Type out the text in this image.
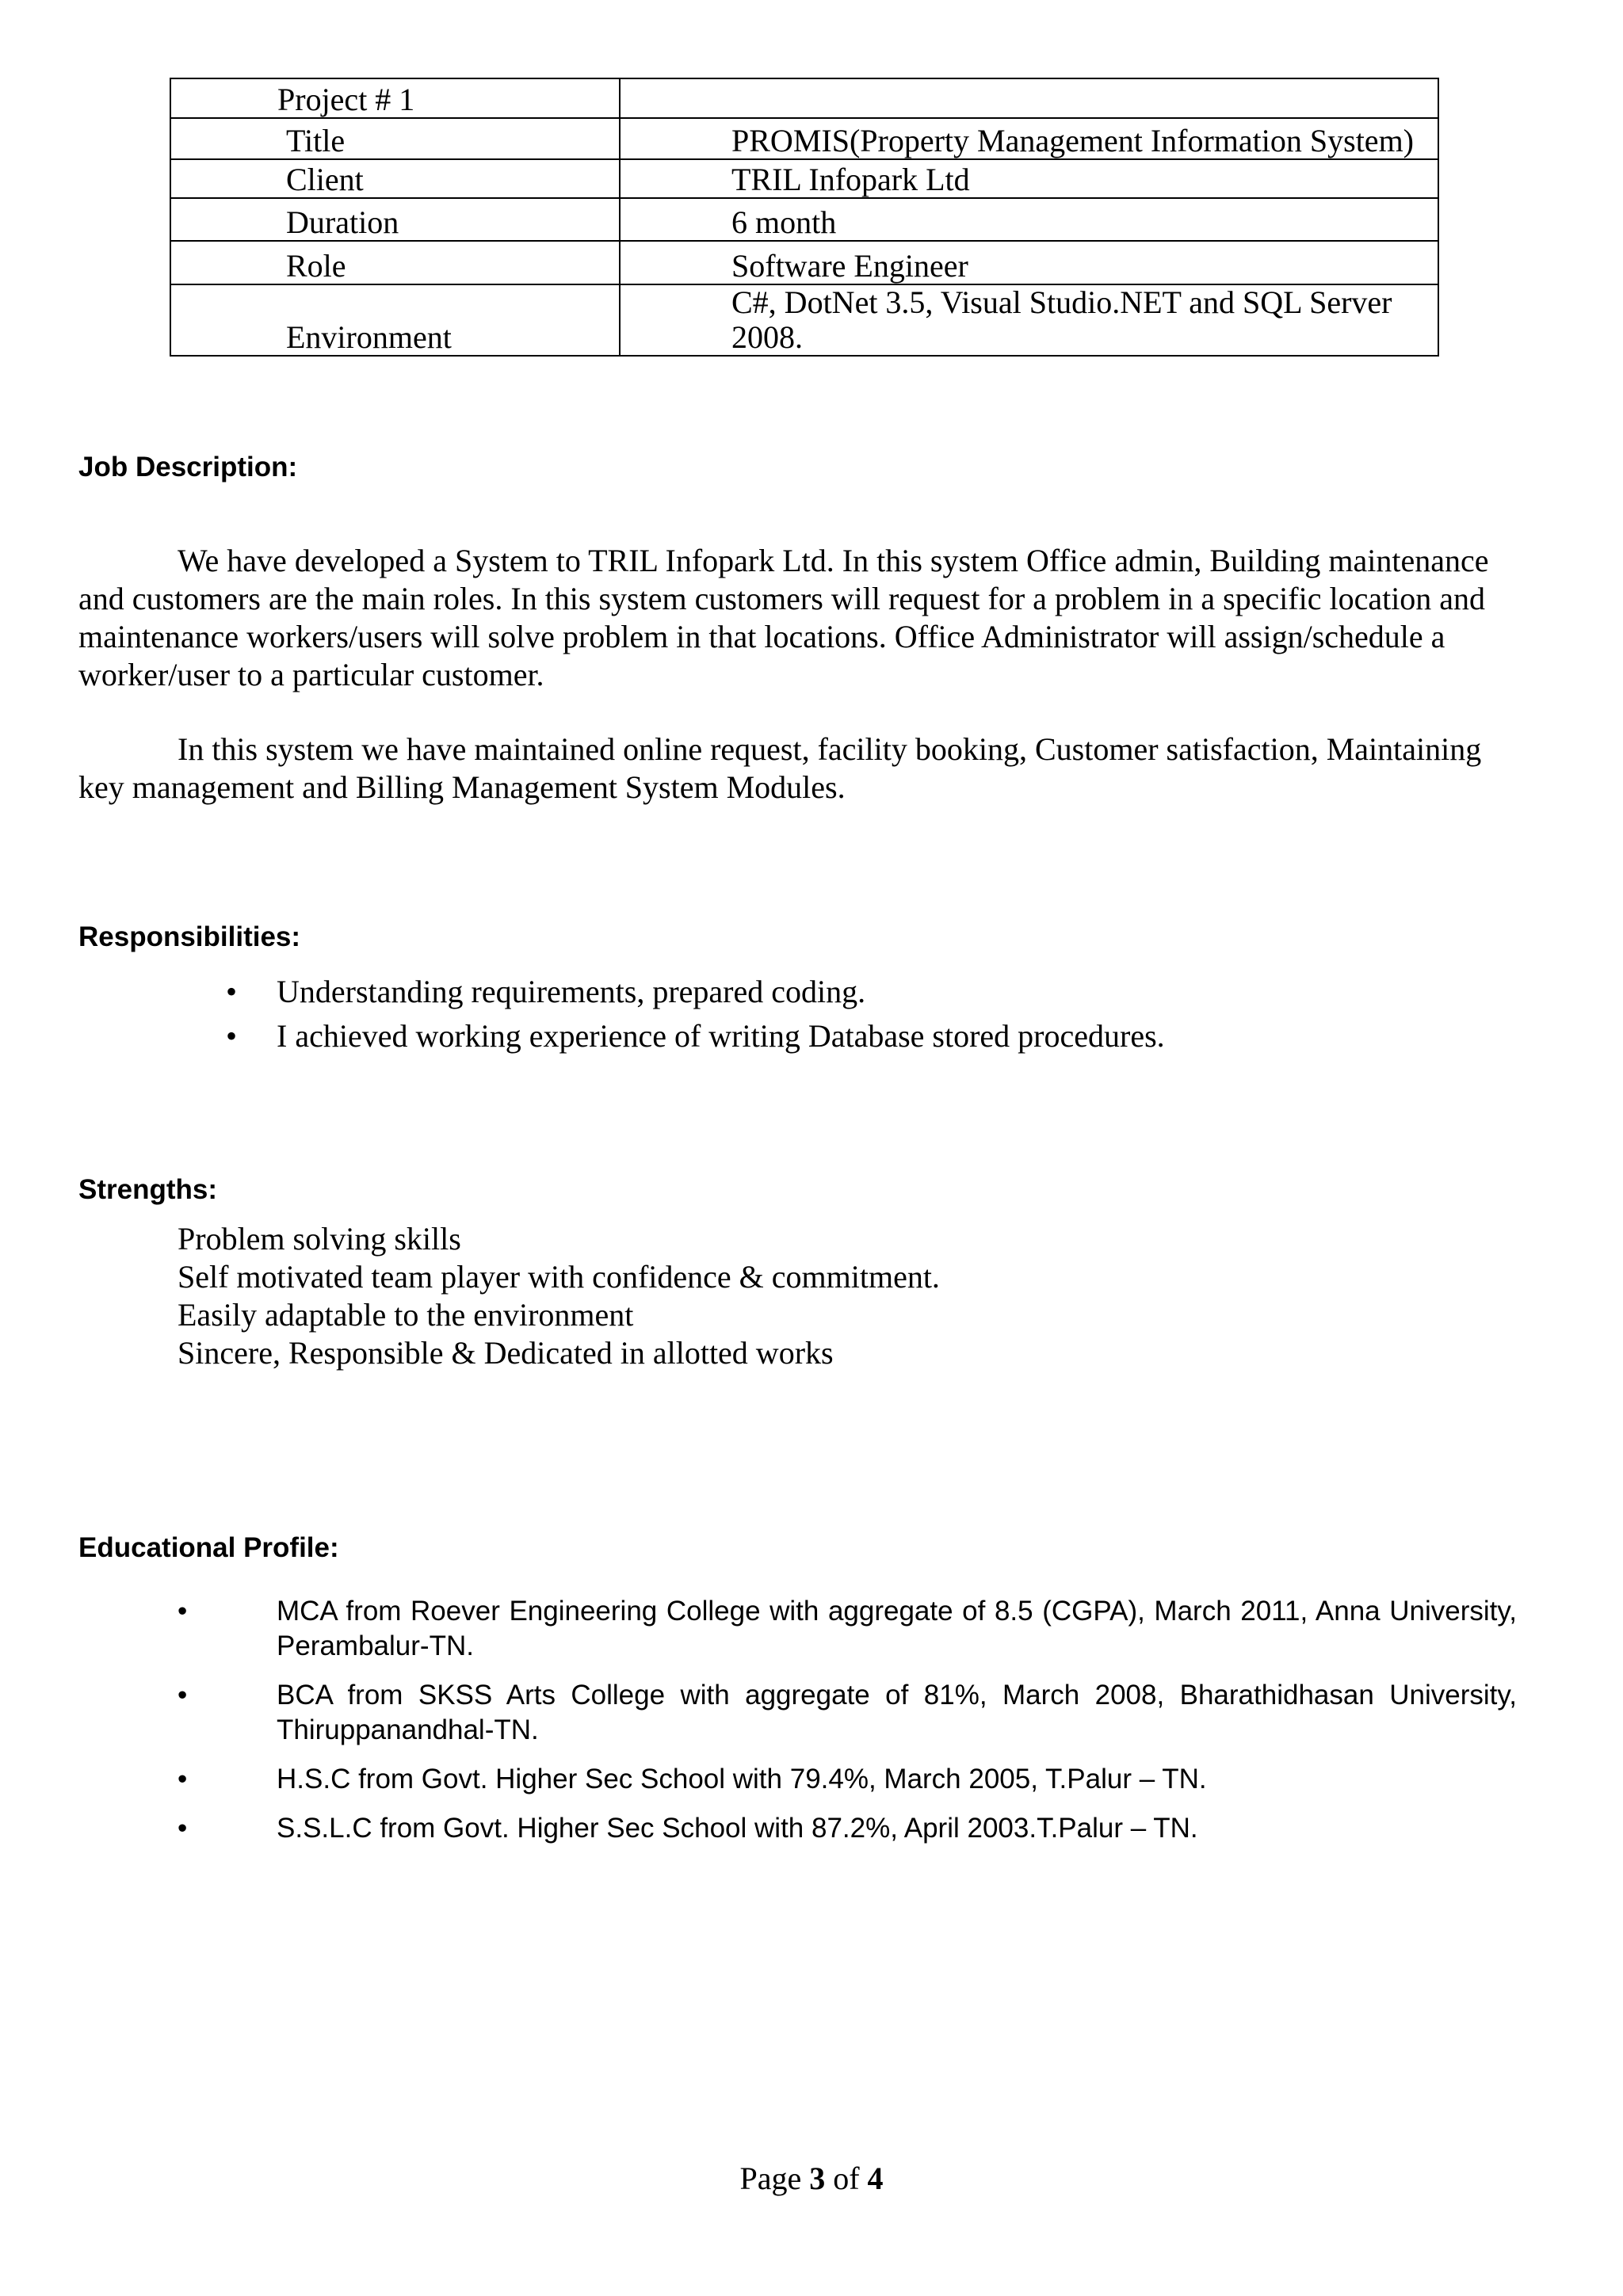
Project # 1	
Title	PROMIS(Property Management Information System)
Client	TRIL Infopark Ltd
Duration	6 month
Role	Software Engineer
Environment	C#, DotNet 3.5, Visual Studio.NET and SQL Server 2008.
Job Description:

We have developed a System to TRIL Infopark Ltd. In this system Office admin, Building maintenance and customers are the main roles. In this system customers will request for a problem in a specific location and maintenance workers/users will solve problem in that locations. Office Administrator will assign/schedule a worker/user to a particular customer.

In this system we have maintained online request, facility booking, Customer satisfaction, Maintaining key management and Billing Management System Modules.

Responsibilities:
• Understanding requirements, prepared coding.
• I achieved working experience of writing Database stored procedures.
Strengths:
Problem solving skills
Self motivated team player with confidence & commitment.
Easily adaptable to the environment
Sincere, Responsible & Dedicated in allotted works
Educational Profile:
•	MCA from Roever Engineering College with aggregate of 8.5 (CGPA), March 2011, Anna University, Perambalur-TN.
•	BCA from SKSS Arts College with aggregate of 81%, March 2008, Bharathidhasan University, Thiruppanandhal-TN.
•	H.S.C from Govt. Higher Sec School with 79.4%, March 2005, T.Palur – TN.
•	S.S.L.C from Govt. Higher Sec School with 87.2%, April 2003.T.Palur – TN.
Page 3 of 4
